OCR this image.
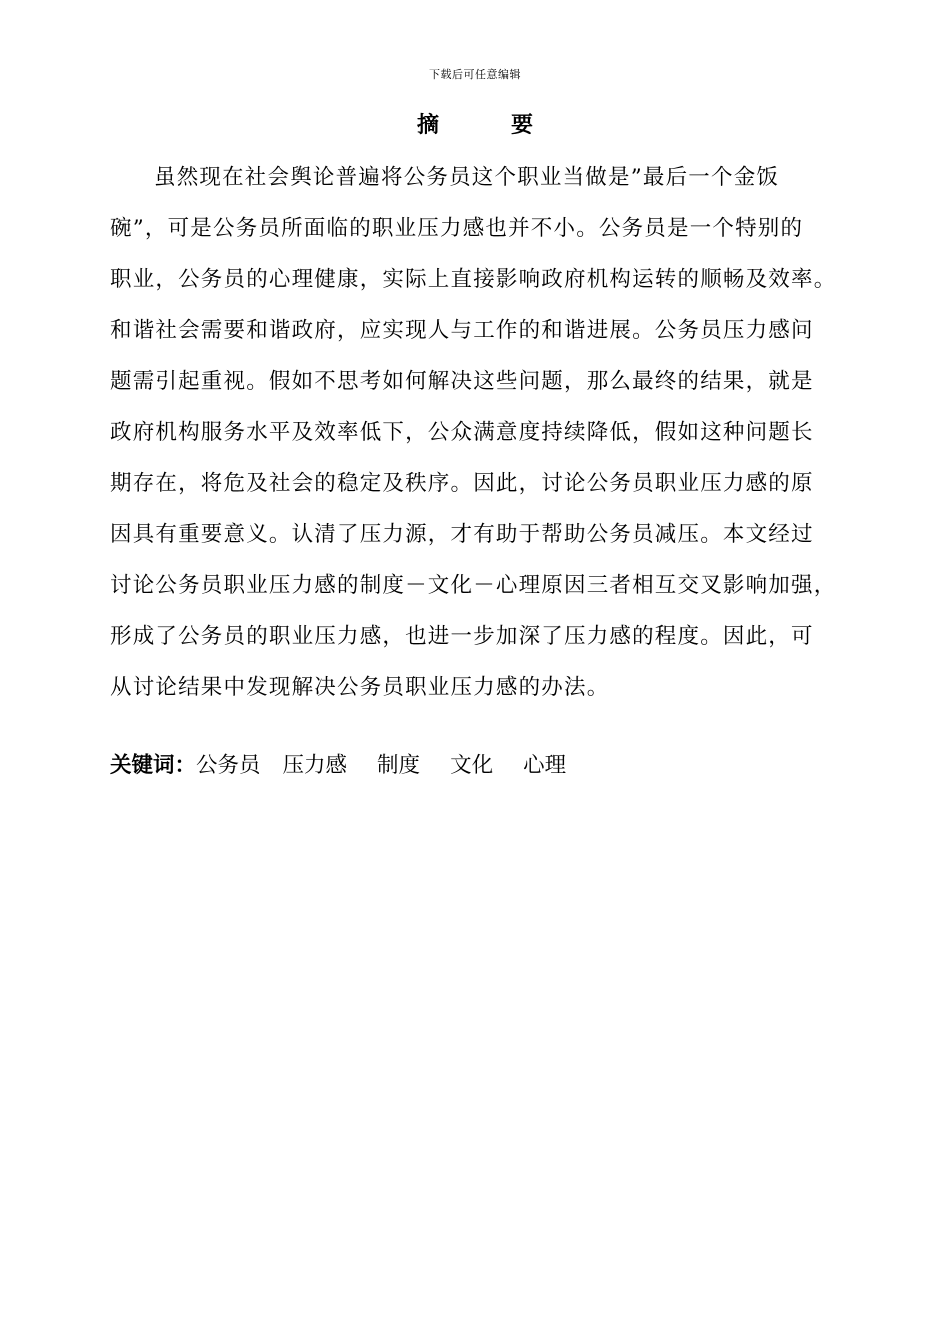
下载后可任意编辑
摘	要
虽然现在社会舆论普遍将公务员这个职业当做是”最后一个金饭
碗”，可是公务员所面临的职业压力感也并不小。公务员是一个特别的
职业，公务员的心理健康，实际上直接影响政府机构运转的顺畅及效率。
和谐社会需要和谐政府，应实现人与工作的和谐进展。公务员压力感问
题需引起重视。假如不思考如何解决这些问题，那么最终的结果，就是
政府机构服务水平及效率低下，公众满意度持续降低，假如这种问题长
期存在，将危及社会的稳定及秩序。因此，讨论公务员职业压力感的原
因具有重要意义。认清了压力源，才有助于帮助公务员减压。本文经过
讨论公务员职业压力感的制度－文化－心理原因三者相互交叉影响加强，
形成了公务员的职业压力感，也进一步加深了压力感的程度。因此，可
从讨论结果中发现解决公务员职业压力感的办法。
关键词：公务员 压力感 制度 文化 心理
